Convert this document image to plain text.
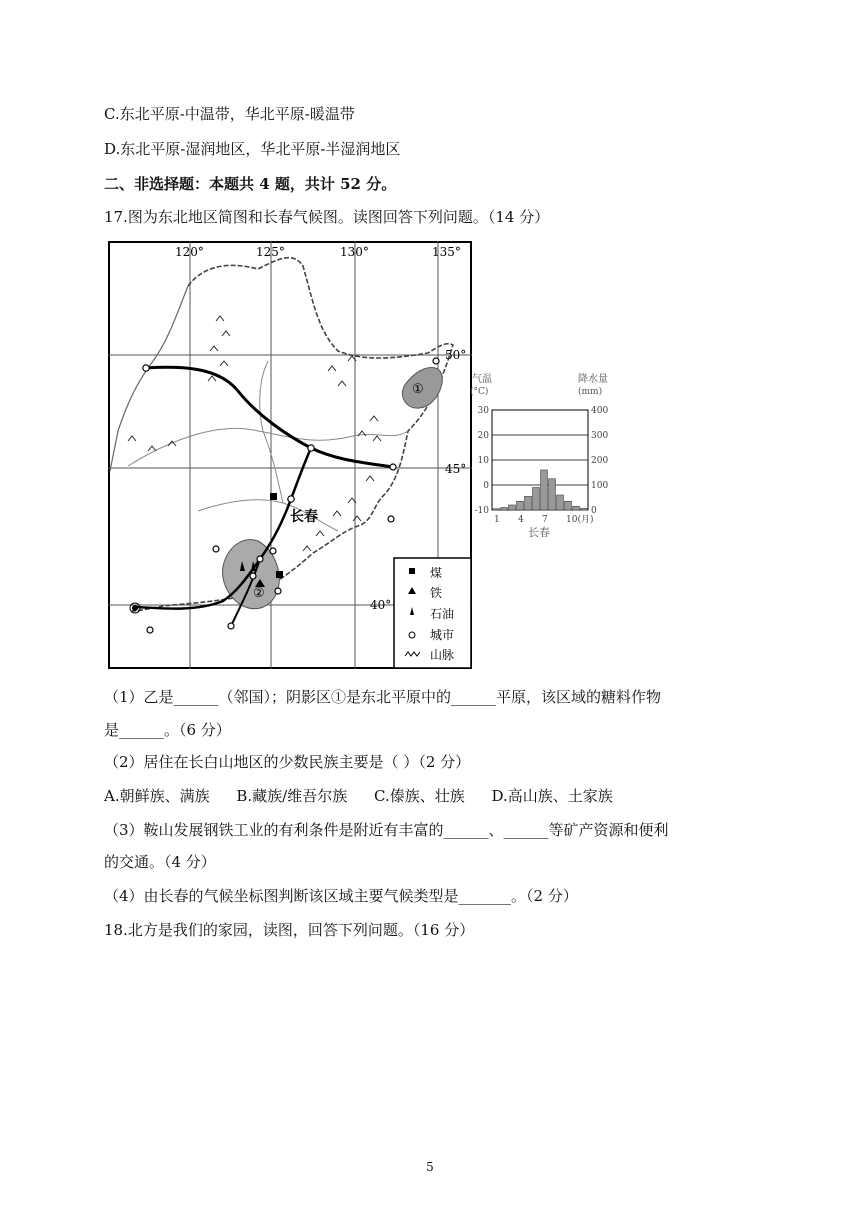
C.东北平原-中温带，华北平原-暖温带
D.东北平原-湿润地区，华北平原-半湿润地区
二、非选择题：本题共 4 题，共计 52 分。
17.图为东北地区简图和长春气候图。读图回答下列问题。（14 分）
120°	125°	130°	135°
50°
45°
40°
长春
①
②
煤
铁
石油
城市
山脉
气温
(°C)
降水量
(mm)
30
20
10
0
-10
400
300
200
100
0
1 4 7 10(月)
长春
（1）乙是______（邻国）；阴影区①是东北平原中的______平原，该区域的糖料作物
是______。（6 分）
（2）居住在长白山地区的少数民族主要是（ ）（2 分）
A.朝鲜族、满族 B.藏族/维吾尔族 C.傣族、壮族 D.高山族、土家族
（3）鞍山发展钢铁工业的有利条件是附近有丰富的______、______等矿产资源和便利
的交通。（4 分）
（4）由长春的气候坐标图判断该区域主要气候类型是_______。（2 分）
18.北方是我们的家园，读图，回答下列问题。（16 分）
5
